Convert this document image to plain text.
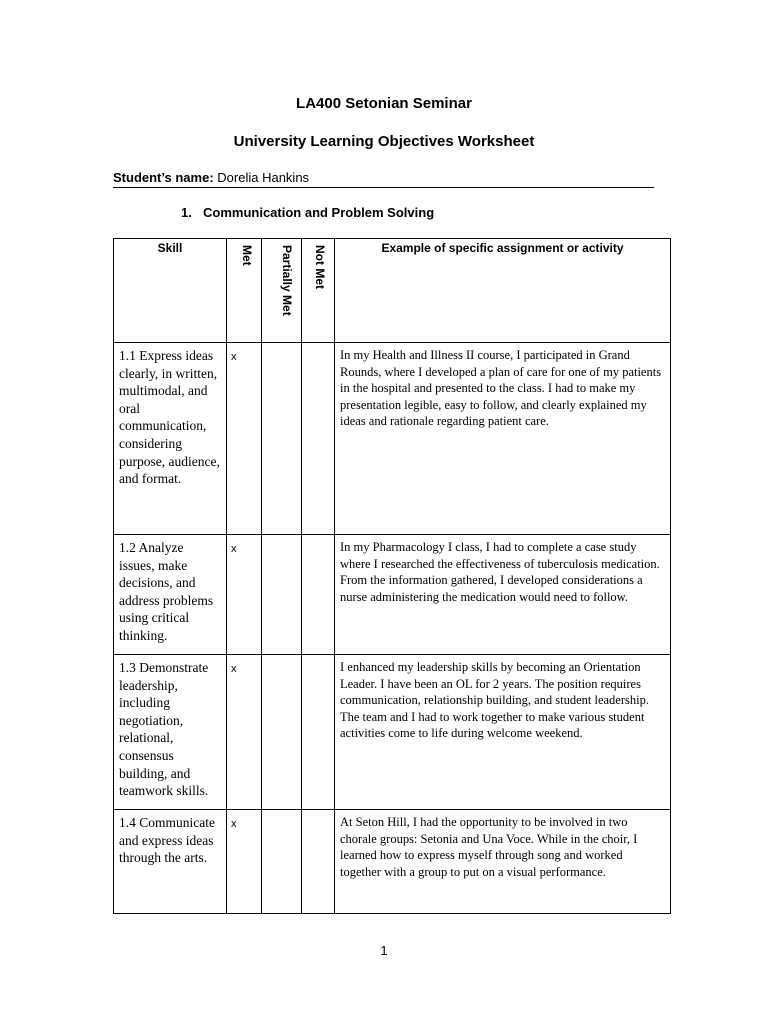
LA400 Setonian Seminar
University Learning Objectives Worksheet
Student’s name: Dorelia Hankins
1. Communication and Problem Solving
Skill	Met	Partially Met	Not Met	Example of specific assignment or activity
1.1 Express ideas clearly, in written, multimodal, and oral communication, considering purpose, audience, and format.	x			In my Health and Illness II course, I participated in Grand Rounds, where I developed a plan of care for one of my patients in the hospital and presented to the class. I had to make my presentation legible, easy to follow, and clearly explained my ideas and rationale regarding patient care.
1.2 Analyze issues, make decisions, and address problems using critical thinking.	x			In my Pharmacology I class, I had to complete a case study where I researched the effectiveness of tuberculosis medication. From the information gathered, I developed considerations a nurse administering the medication would need to follow.
1.3 Demonstrate leadership, including negotiation, relational, consensus building, and teamwork skills.	x			I enhanced my leadership skills by becoming an Orientation Leader. I have been an OL for 2 years. The position requires communication, relationship building, and student leadership. The team and I had to work together to make various student activities come to life during welcome weekend.
1.4 Communicate and express ideas through the arts.	x			At Seton Hill, I had the opportunity to be involved in two chorale groups: Setonia and Una Voce. While in the choir, I learned how to express myself through song and worked together with a group to put on a visual performance.
1
